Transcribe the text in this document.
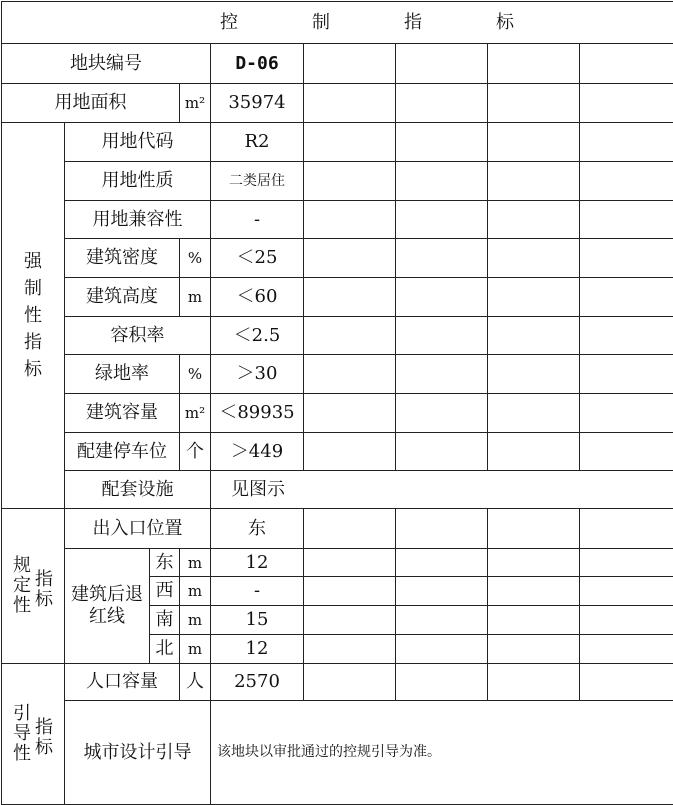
控　制　指　标								
地块编号				D-06				
用地面积			m²	35974				

强制性指标	用地代码			R2				
	用地性质			二类居住				
	用地兼容性			-				
	建筑密度		%	＜25				
	建筑高度		m	＜60				
	容积率			＜2.5				
	绿地率		%	＞30				
	建筑容量		m²	＜89935				
	配建停车位		个	＞449				
	配套设施			见图示				

指标
规定性	出入口位置			东				
	建筑后退红线	东	m	12				
		西	m	-				
		南	m	15				
		北	m	12				

指标
引导性	人口容量		人	2570				
	城市设计引导			该地块以审批通过的控规引导为准。				
